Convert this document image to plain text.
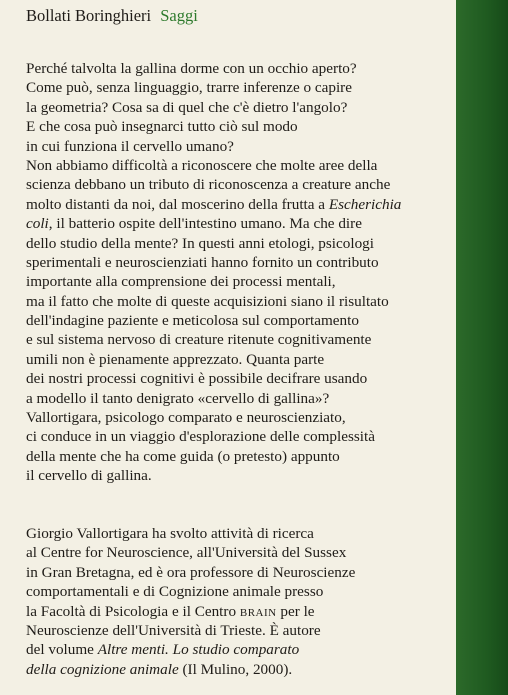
Bollati Boringhieri Saggi
Perché talvolta la gallina dorme con un occhio aperto?
Come può, senza linguaggio, trarre inferenze o capire
la geometria? Cosa sa di quel che c'è dietro l'angolo?
E che cosa può insegnarci tutto ciò sul modo
in cui funziona il cervello umano?
Non abbiamo difficoltà a riconoscere che molte aree della
scienza debbano un tributo di riconoscenza a creature anche
molto distanti da noi, dal moscerino della frutta a Escherichia
coli, il batterio ospite dell'intestino umano. Ma che dire
dello studio della mente? In questi anni etologi, psicologi
sperimentali e neuroscienziati hanno fornito un contributo
importante alla comprensione dei processi mentali,
ma il fatto che molte di queste acquisizioni siano il risultato
dell'indagine paziente e meticolosa sul comportamento
e sul sistema nervoso di creature ritenute cognitivamente
umili non è pienamente apprezzato. Quanta parte
dei nostri processi cognitivi è possibile decifrare usando
a modello il tanto denigrato «cervello di gallina»?
Vallortigara, psicologo comparato e neuroscienziato,
ci conduce in un viaggio d'esplorazione delle complessità
della mente che ha come guida (o pretesto) appunto
il cervello di gallina.
Giorgio Vallortigara ha svolto attività di ricerca
al Centre for Neuroscience, all'Università del Sussex
in Gran Bretagna, ed è ora professore di Neuroscienze
comportamentali e di Cognizione animale presso
la Facoltà di Psicologia e il Centro brain per le
Neuroscienze dell'Università di Trieste. È autore
del volume Altre menti. Lo studio comparato
della cognizione animale (Il Mulino, 2000).
